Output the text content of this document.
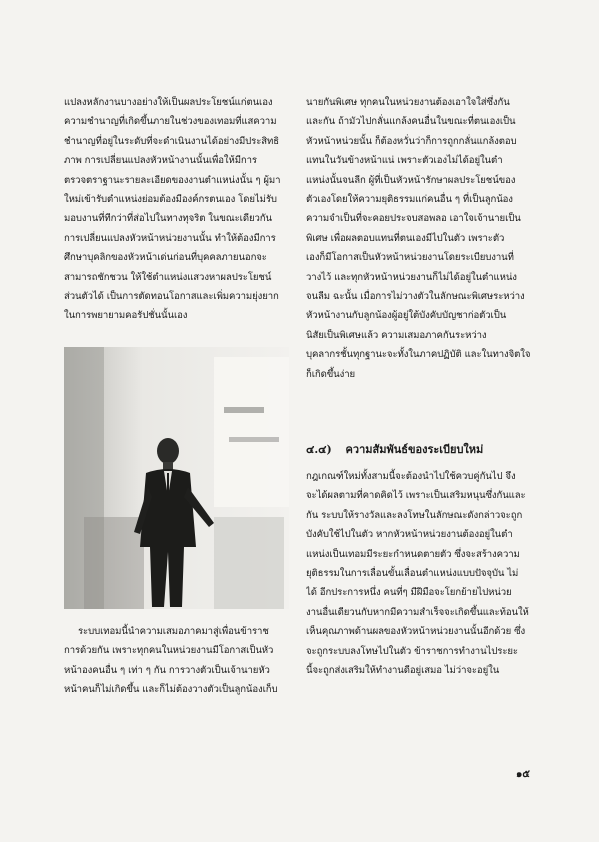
แปลงหลักงานบางอย่างให้เป็นผลประโยชน์แก่ตนเอง
ความชำนาญที่เกิดขึ้นภายในช่วงของเทอมที่แสความ
ชำนาญที่อยู่ในระดับที่จะดำเนินงานได้อย่างมีประสิทธิ
ภาพ การเปลี่ยนแปลงหัวหน้างานนั้นเพื่อให้มีการ
ตรวจตราฐานะรายละเอียดของงานตำแหน่งนั้น ๆ ผู้มา
ใหม่เข้ารับตำแหน่งย่อมต้องมีองค์กรตนเอง โดยไม่รับ
มอบงานที่ทีกว่าที่ส่อไปในทางทุจริต ในขณะเดียวกัน
การเปลี่ยนแปลงหัวหน้าหน่วยงานนั้น ทำให้ต้องมีการ
ศึกษาบุคลิกของหัวหน้าเด่นก่อนที่บุคคลภายนอกจะ
สามารถชักชวน ให้ใช้ตำแหน่งแสวงหาผลประโยชน์
ส่วนตัวได้ เป็นการตัดทอนโอกาสและเพิ่มความยุ่งยาก
ในการพยายามคอรัปชั่นนั้นเอง
ระบบเทอมนี้นำความเสมอภาคมาสู่เพื่อนข้าราช
การด้วยกัน เพราะทุกคนในหน่วยงานมีโอกาสเป็นหัว
หน้าองคนอื่น ๆ เท่า ๆ กัน การวางตัวเป็นเจ้านายหัว
หน้าคนก็ไม่เกิดขึ้น และก็ไม่ต้องวางตัวเป็นลูกน้องเก็บ
นายกันพิเศษ ทุกคนในหน่วยงานต้องเอาใจใส่ซึ่งกัน
และกัน ถ้ามัวไปกลั่นแกล้งคนอื่นในขณะที่ตนเองเป็น
หัวหน้าหน่วยนั้น ก็ต้องหวั่นว่าก็การถูกกลั่นแกล้งตอบ
แทนในวันข้างหน้าแน่ เพราะตัวเองไม่ได้อยู่ในตำ
แหน่งนั้นจนลีก ผู้ที่เป็นหัวหน้ารักษาผลประโยชน์ของ
ตัวเองโดยให้ความยุติธรรมแก่คนอื่น ๆ ที่เป็นลูกน้อง
ความจำเป็นที่จะคอยประจบสอพลอ เอาใจเจ้านายเป็น
พิเศษ เพื่อผลตอบแทนที่ตนเองมีไปในตัว เพราะตัว
เองก็มีโอกาสเป็นหัวหน้าหน่วยงานโดยระเบียบงานที่
วางไว้ และทุกหัวหน้าหน่วยงานก็ไม่ได้อยู่ในตำแหน่ง
จนลีม ฉะนั้น เมื่อการไม่วางตัวในลักษณะพิเศษระหว่าง
หัวหน้างานกับลูกน้องผู้อยู่ใต้บังคับบัญชาก่อตัวเป็น
นิสัยเป็นพิเศษแล้ว ความเสมอภาคกันระหว่าง
บุคลากรชั้นทุกฐานะจะทั้งในภาคปฏิบัติ และในทางจิตใจ
ก็เกิดขึ้นง่าย
๔.๔) ความสัมพันธ์ของระเบียบใหม่
กฎเกณฑ์ใหม่ทั้งสามนี้จะต้องนำไปใช้ควบคู่กันไป จึง
จะได้ผลตามที่คาดคิดไว้ เพราะเป็นเสริมหนุนซึ่งกันและ
กัน ระบบให้รางวัลและลงโทษในลักษณะดังกล่าวจะถูก
บังคับใช้ไปในตัว หากหัวหน้าหน่วยงานต้องอยู่ในตำ
แหน่งเป็นเทอมมีระยะกำหนดตายตัว ซึ่งจะสร้างความ
ยุติธรรมในการเลื่อนขั้นเลื่อนตำแหน่งแบบปัจจุบัน ไม่
ได้ อีกประการหนึ่ง คนที่ๆ มีฝีมือจะโยกย้ายไปหน่วย
งานอื่นเดียวนกับหากมีความสำเร็จจะเกิดขึ้นและท้อนให้
เห็นคุณภาพด้านผลของหัวหน้าหน่วยงานนั้นอีกด้วย ซึ่ง
จะถูกระบบลงโทษไปในตัว ข้าราชการทำงานไประยะ
นี้จะถูกส่งเสริมให้ทำงานดีอยู่เสมอ ไม่ว่าจะอยู่ใน
๑๕
